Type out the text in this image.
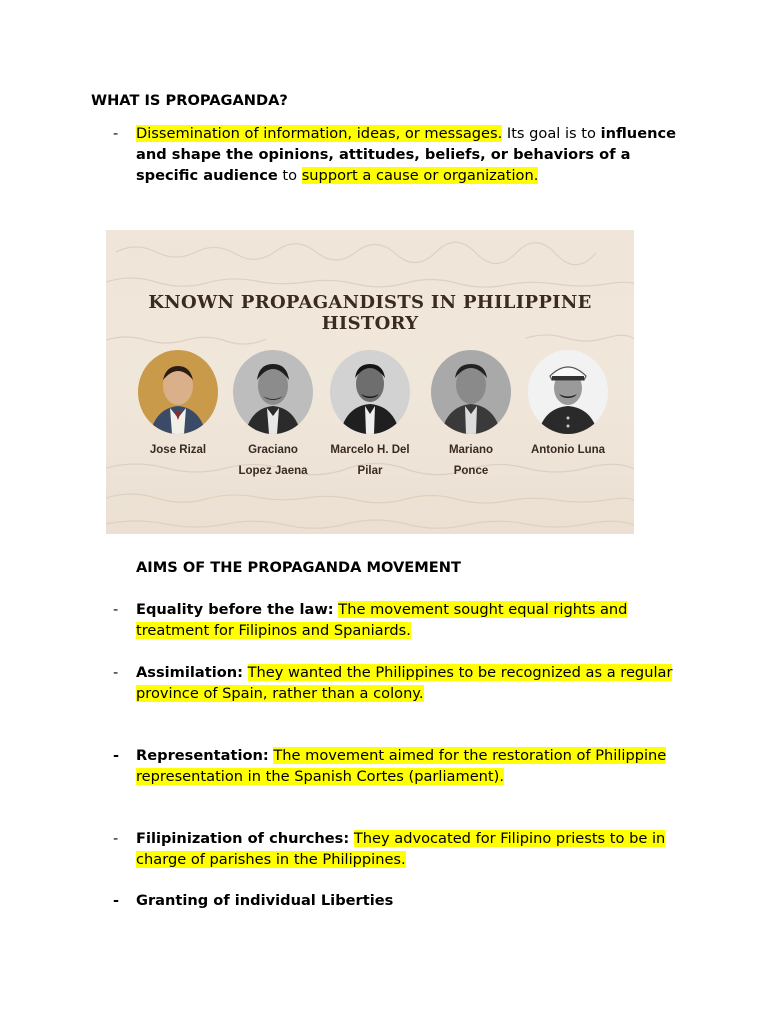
WHAT IS PROPAGANDA?
-	Dissemination of information, ideas, or messages. Its goal is to influence and shape the opinions, attitudes, beliefs, or behaviors of a specific audience to support a cause or organization.
KNOWN PROPAGANDISTS IN PHILIPPINE HISTORY
Jose Rizal	Graciano
Lopez Jaena
Marcelo H. Del
Pilar
Mariano
Ponce
Antonio Luna
AIMS OF THE PROPAGANDA MOVEMENT
-	Equality before the law: The movement sought equal rights and treatment for Filipinos and Spaniards.
-	Assimilation: They wanted the Philippines to be recognized as a regular province of Spain, rather than a colony.
-	Representation: The movement aimed for the restoration of Philippine representation in the Spanish Cortes (parliament).
-	Filipinization of churches: They advocated for Filipino priests to be in charge of parishes in the Philippines.
-	Granting of individual Liberties
